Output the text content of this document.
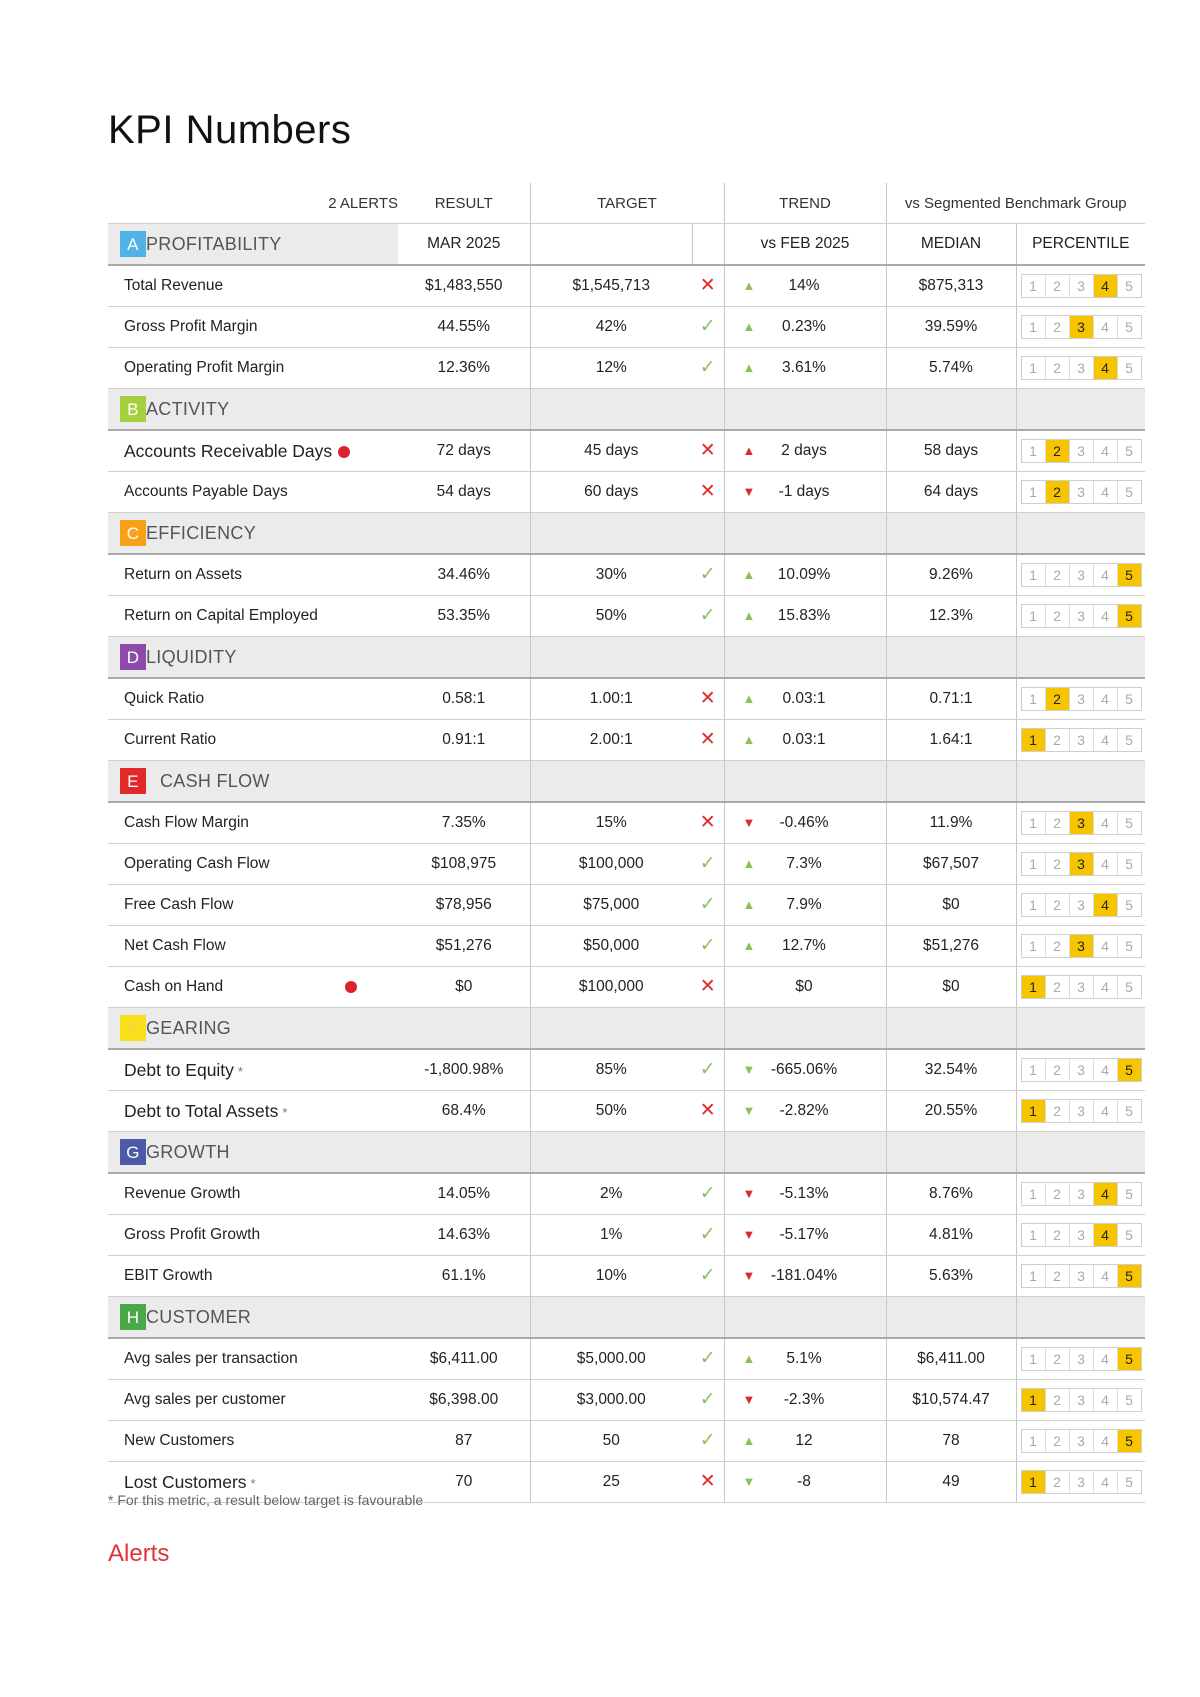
KPI Numbers
2 ALERTS	RESULT	TARGET		TREND	vs Segmented Benchmark Group	

A PROFITABILITY	MAR 2025			vs FEB 2025	MEDIAN	PERCENTILE
Total Revenue	$1,483,550	$1,545,713	✕	▲ 14%	$875,313	1 2 3 4 5

Gross Profit Margin	44.55%	42%	✓	▲ 0.23%	39.59%	1 2 3 4 5

Operating Profit Margin	12.36%	12%	✓	▲ 3.61%	5.74%	1 2 3 4 5

B ACTIVITY						

Accounts Receivable Days	72 days	45 days	✕	▲ 2 days	58 days	1 2 3 4 5

Accounts Payable Days	54 days	60 days	✕	▼ -1 days	64 days	1 2 3 4 5

C EFFICIENCY						

Return on Assets	34.46%	30%	✓	▲ 10.09%	9.26%	1 2 3 4 5

Return on Capital Employed	53.35%	50%	✓	▲ 15.83%	12.3%	1 2 3 4 5

D LIQUIDITY						

Quick Ratio	0.58:1	1.00:1	✕	▲ 0.03:1	0.71:1	1 2 3 4 5

Current Ratio	0.91:1	2.00:1	✕	▲ 0.03:1	1.64:1	1 2 3 4 5

E CASH FLOW						

Cash Flow Margin	7.35%	15%	✕	▼ -0.46%	11.9%	1 2 3 4 5

Operating Cash Flow	$108,975	$100,000	✓	▲ 7.3%	$67,507	1 2 3 4 5

Free Cash Flow	$78,956	$75,000	✓	▲ 7.9%	$0	1 2 3 4 5

Net Cash Flow	$51,276	$50,000	✓	▲ 12.7%	$51,276	1 2 3 4 5

Cash on Hand	$0	$100,000	✕	$0	$0	1 2 3 4 5

F GEARING						

Debt to Equity *	-1,800.98%	85%	✓	▼ -665.06%	32.54%	1 2 3 4 5

Debt to Total Assets *	68.4%	50%	✕	▼ -2.82%	20.55%	1 2 3 4 5

G GROWTH						

Revenue Growth	14.05%	2%	✓	▼ -5.13%	8.76%	1 2 3 4 5

Gross Profit Growth	14.63%	1%	✓	▼ -5.17%	4.81%	1 2 3 4 5

EBIT Growth	61.1%	10%	✓	▼ -181.04%	5.63%	1 2 3 4 5

H CUSTOMER						

Avg sales per transaction	$6,411.00	$5,000.00	✓	▲ 5.1%	$6,411.00	1 2 3 4 5

Avg sales per customer	$6,398.00	$3,000.00	✓	▼ -2.3%	$10,574.47	1 2 3 4 5

New Customers	87	50	✓	▲ 12	78	1 2 3 4 5

Lost Customers *	70	25	✕	▼ -8	49	1 2 3 4 5
* For this metric, a result below target is favourable
Alerts
